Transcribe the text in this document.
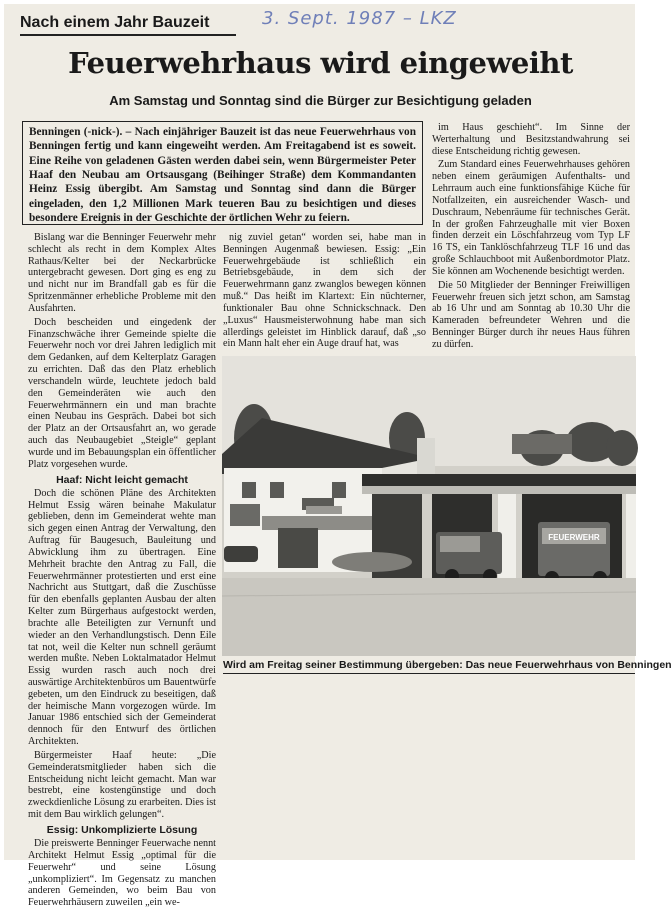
Nach einem Jahr Bauzeit	3. Sept. 1987 – LKZ
Feuerwehrhaus wird eingeweiht
Am Samstag und Sonntag sind die Bürger zur Besichtigung geladen
Benningen (-nick-). – Nach einjähriger Bauzeit ist das neue Feuerwehrhaus von Benningen fertig und kann eingeweiht werden. Am Freitagabend ist es soweit. Eine Reihe von geladenen Gästen werden dabei sein, wenn Bürgermeister Peter Haaf den Neubau am Ortsausgang (Beihinger Straße) dem Kommandanten Heinz Essig übergibt. Am Samstag und Sonntag sind dann die Bürger eingeladen, den 1,2 Millionen Mark teueren Bau zu besichtigen und dieses besondere Ereignis in der Geschichte der örtlichen Wehr zu feiern.

Bislang war die Benninger Feuerwehr mehr schlecht als recht in dem Komplex Altes Rathaus/Kelter bei der Neckarbrücke untergebracht gewesen. Dort ging es eng zu und nicht nur im Brandfall gab es für die Spritzenmänner erhebliche Probleme mit den Ausfahrten.

Doch bescheiden und eingedenk der Finanzschwäche ihrer Gemeinde spielte die Feuerwehr noch vor drei Jahren lediglich mit dem Gedanken, auf dem Kelterplatz Garagen zu errichten. Daß das den Platz erheblich verschandeln würde, leuchtete jedoch bald den Gemeinderäten wie auch den Feuerwehrmännern ein und man brachte einen Neubau ins Gespräch. Dabei bot sich der Platz an der Ortsausfahrt an, wo gerade auch das Neubaugebiet „Steigle“ geplant wurde und im Bebauungsplan ein öffentlicher Platz vorgesehen wurde.

Haaf: Nicht leicht gemacht

Doch die schönen Pläne des Architekten Helmut Essig wären beinahe Makulatur geblieben, denn im Gemeinderat wehte man sich gegen einen Antrag der Verwaltung, den Auftrag für Baugesuch, Bauleitung und Abwicklung ihm zu übertragen. Eine Mehrheit brachte den Antrag zu Fall, die Feuerwehrmänner protestierten und erst eine Nachricht aus Stuttgart, daß die Zuschüsse für den ebenfalls geplanten Ausbau der alten Kelter zum Bürgerhaus aufgestockt werden, brachte alle Beteiligten zur Vernunft und wieder an den Verhandlungstisch. Denn Eile tat not, weil die Kelter nun schnell geräumt werden mußte. Neben Loktalmatador Helmut Essig wurden rasch auch noch drei auswärtige Architektenbüros um Bauentwürfe gebeten, um den Eindruck zu beseitigen, daß der heimische Mann vorgezogen würde. Im Januar 1986 entschied sich der Gemeinderat dennoch für den Entwurf des örtlichen Architekten.

Bürgermeister Haaf heute: „Die Gemeinderatsmitglieder haben sich die Entscheidung nicht leicht gemacht. Man war bestrebt, eine kostengünstige und doch zweckdienliche Lösung zu erarbeiten. Dies ist mit dem Bau wirklich gelungen“.

Essig: Unkomplizierte Lösung

Die preiswerte Benninger Feuerwache nennt Architekt Helmut Essig „optimal für die Feuerwehr“ und seine Lösung „unkompliziert“. Im Gegensatz zu manchen anderen Gemeinden, wo beim Bau von Feuerwehrhäusern zuweilen „ein we-

nig zuviel getan“ worden sei, habe man in Benningen Augenmaß bewiesen. Essig: „Ein Feuerwehrgebäude ist schließlich ein Betriebsgebäude, in dem sich der Feuerwehrmann ganz zwanglos bewegen können muß.“ Das heißt im Klartext: Ein nüchterner, funktionaler Bau ohne Schnickschnack. Den „Luxus“ Hausmeisterwohnung habe man sich allerdings geleistet im Hinblick darauf, daß „so ein Mann halt eher ein Auge drauf hat, was

im Haus geschieht“. Im Sinne der Werterhaltung und Besitzstandwahrung sei diese Entscheidung richtig gewesen.

Zum Standard eines Feuerwehrhauses gehören neben einem geräumigen Aufenthalts- und Lehrraum auch eine funktionsfähige Küche für Notfallzeiten, ein ausreichender Wasch- und Duschraum, Nebenräume für technisches Gerät. In der großen Fahrzeughalle mit vier Boxen finden derzeit ein Löschfahrzeug vom Typ LF 16 TS, ein Tanklöschfahrzeug TLF 16 und das große Schlauchboot mit Außenbordmotor Platz. Sie können am Wochenende besichtigt werden.

Die 50 Mitglieder der Benninger Freiwilligen Feuerwehr freuen sich jetzt schon, am Samstag ab 16 Uhr und am Sonntag ab 10.30 Uhr die Kameraden befreundeter Wehren und die Benninger Bürger durch ihr neues Haus führen zu dürfen.

FEUERWEHR
Wird am Freitag seiner Bestimmung übergeben: Das neue Feuerwehrhaus von Benningen
